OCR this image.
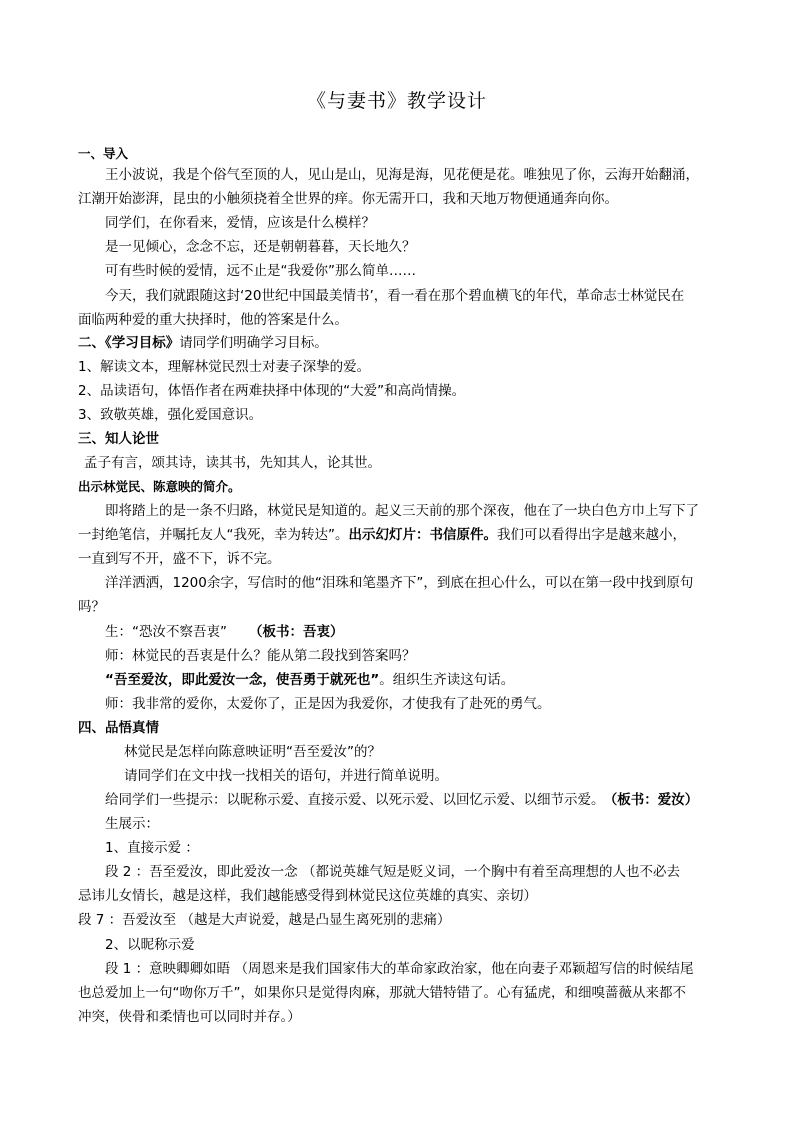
《与妻书》教学设计
一、导入
王小波说，我是个俗气至顶的人，见山是山，见海是海，见花便是花。唯独见了你，云海开始翻涌，
江潮开始澎湃，昆虫的小触须挠着全世界的痒。你无需开口，我和天地万物便通通奔向你。
同学们，在你看来，爱情，应该是什么模样？
是一见倾心，念念不忘，还是朝朝暮暮，天长地久？
可有些时候的爱情，远不止是“我爱你”那么简单……
今天，我们就跟随这封‘20世纪中国最美情书’，看一看在那个碧血横飞的年代，革命志士林觉民在
面临两种爱的重大抉择时，他的答案是什么。
二、《学习目标》请同学们明确学习目标。
1、解读文本，理解林觉民烈士对妻子深挚的爱。
2、品读语句，体悟作者在两难抉择中体现的“大爱”和高尚情操。
3、致敬英雄，强化爱国意识。
三、知人论世
孟子有言，颂其诗，读其书，先知其人，论其世。
出示林觉民、陈意映的简介。
即将踏上的是一条不归路，林觉民是知道的。起义三天前的那个深夜，他在了一块白色方巾上写下了
一封绝笔信，并嘱托友人“我死，幸为转达”。出示幻灯片：书信原件。我们可以看得出字是越来越小，
一直到写不开，盛不下，诉不完。
洋洋洒洒，1200余字，写信时的他“泪珠和笔墨齐下”，到底在担心什么，可以在第一段中找到原句
吗？
生：“恐汝不察吾衷” （板书：吾衷）
师：林觉民的吾衷是什么？能从第二段找到答案吗？
“吾至爱汝，即此爱汝一念，使吾勇于就死也”。组织生齐读这句话。
师：我非常的爱你，太爱你了，正是因为我爱你，才使我有了赴死的勇气。
四、品悟真情
林觉民是怎样向陈意映证明“吾至爱汝”的？
请同学们在文中找一找相关的语句，并进行简单说明。
给同学们一些提示：以昵称示爱、直接示爱、以死示爱、以回忆示爱、以细节示爱。 （板书：爱汝）
生展示：
1、直接示爱 ：
段 2 ：吾至爱汝，即此爱汝一念 （都说英雄气短是贬义词，一个胸中有着至高理想的人也不必去
忌讳儿女情长，越是这样，我们越能感受得到林觉民这位英雄的真实、亲切）
段 7 ：吾爱汝至 （越是大声说爱，越是凸显生离死别的悲痛）
2、以昵称示爱
段 1 ：意映卿卿如晤 （周恩来是我们国家伟大的革命家政治家，他在向妻子邓颖超写信的时候结尾
也总爱加上一句“吻你万千”，如果你只是觉得肉麻，那就大错特错了。心有猛虎，和细嗅蔷薇从来都不
冲突，侠骨和柔情也可以同时并存。）
